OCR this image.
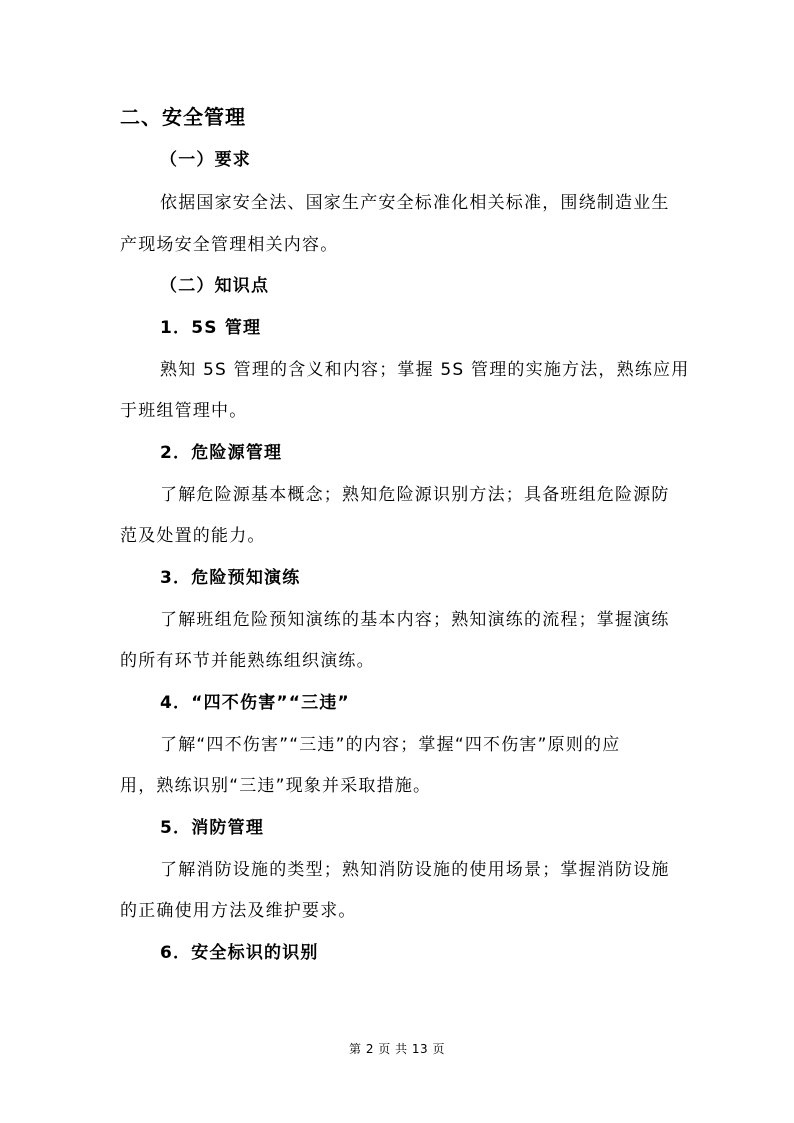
二、安全管理
（一）要求
依据国家安全法、国家生产安全标准化相关标准，围绕制造业生
产现场安全管理相关内容。
（二）知识点
1．5S 管理
熟知 5S 管理的含义和内容；掌握 5S 管理的实施方法，熟练应用
于班组管理中。
2．危险源管理
了解危险源基本概念；熟知危险源识别方法；具备班组危险源防
范及处置的能力。
3．危险预知演练
了解班组危险预知演练的基本内容；熟知演练的流程；掌握演练
的所有环节并能熟练组织演练。
4．“四不伤害”“三违”
了解“四不伤害”“三违”的内容；掌握“四不伤害”原则的应
用，熟练识别“三违”现象并采取措施。
5．消防管理
了解消防设施的类型；熟知消防设施的使用场景；掌握消防设施
的正确使用方法及维护要求。
6．安全标识的识别
第 2 页 共 13 页
